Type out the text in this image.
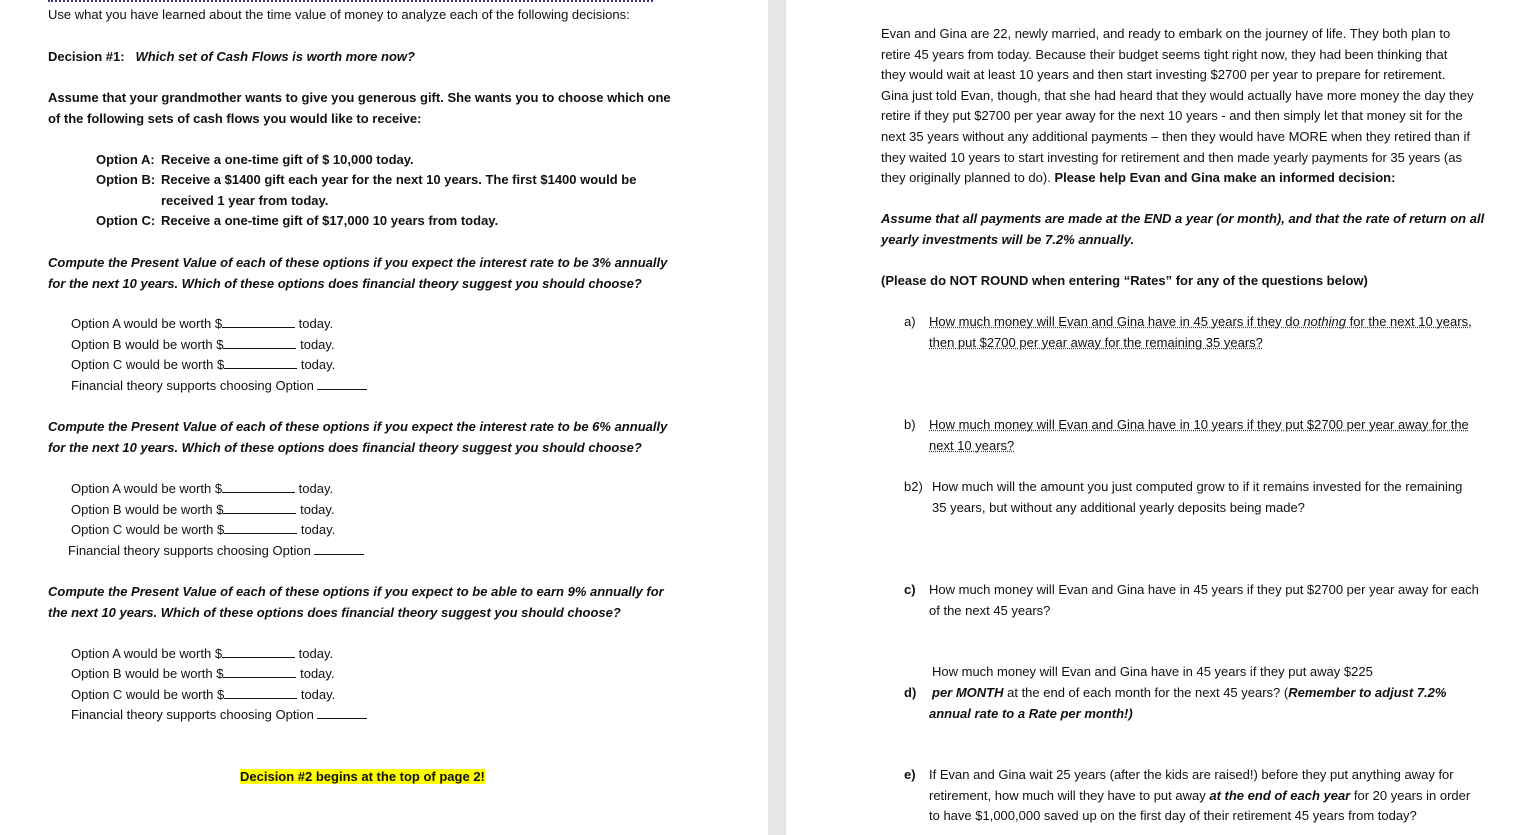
Use what you have learned about the time value of money to analyze each of the following decisions:
Decision #1: Which set of Cash Flows is worth more now?
Assume that your grandmother wants to give you generous gift. She wants you to choose which one
of the following sets of cash flows you would like to receive:
Option A: Receive a one-time gift of $ 10,000 today.
Option B: Receive a $1400 gift each year for the next 10 years. The first $1400 would be
received 1 year from today.
Option C: Receive a one-time gift of $17,000 10 years from today.
Compute the Present Value of each of these options if you expect the interest rate to be 3% annually
for the next 10 years. Which of these options does financial theory suggest you should choose?
Option A would be worth $	today.
Option B would be worth $	today.
Option C would be worth $	today.
Financial theory supports choosing Option
Compute the Present Value of each of these options if you expect the interest rate to be 6% annually
for the next 10 years. Which of these options does financial theory suggest you should choose?
Option A would be worth $	today.
Option B would be worth $	today.
Option C would be worth $	today.
Financial theory supports choosing Option
Compute the Present Value of each of these options if you expect to be able to earn 9% annually for
the next 10 years. Which of these options does financial theory suggest you should choose?
Option A would be worth $	today.
Option B would be worth $	today.
Option C would be worth $	today.
Financial theory supports choosing Option
Decision #2 begins at the top of page 2!
Evan and Gina are 22, newly married, and ready to embark on the journey of life. They both plan to
retire 45 years from today. Because their budget seems tight right now, they had been thinking that
they would wait at least 10 years and then start investing $2700 per year to prepare for retirement.
Gina just told Evan, though, that she had heard that they would actually have more money the day they
retire if they put $2700 per year away for the next 10 years - and then simply let that money sit for the
next 35 years without any additional payments – then they would have MORE when they retired than if
they waited 10 years to start investing for retirement and then made yearly payments for 35 years (as
they originally planned to do). Please help Evan and Gina make an informed decision:
Assume that all payments are made at the END a year (or month), and that the rate of return on all
yearly investments will be 7.2% annually.
(Please do NOT ROUND when entering “Rates” for any of the questions below)
a) How much money will Evan and Gina have in 45 years if they do nothing for the next 10 years,
then put $2700 per year away for the remaining 35 years?
b) How much money will Evan and Gina have in 10 years if they put $2700 per year away for the
next 10 years?
b2) How much will the amount you just computed grow to if it remains invested for the remaining
35 years, but without any additional yearly deposits being made?
c) How much money will Evan and Gina have in 45 years if they put $2700 per year away for each
of the next 45 years?
How much money will Evan and Gina have in 45 years if they put away $225
d) per MONTH at the end of each month for the next 45 years? (Remember to adjust 7.2%
annual rate to a Rate per month!)
e) If Evan and Gina wait 25 years (after the kids are raised!) before they put anything away for
retirement, how much will they have to put away at the end of each year for 20 years in order
to have $1,000,000 saved up on the first day of their retirement 45 years from today?
